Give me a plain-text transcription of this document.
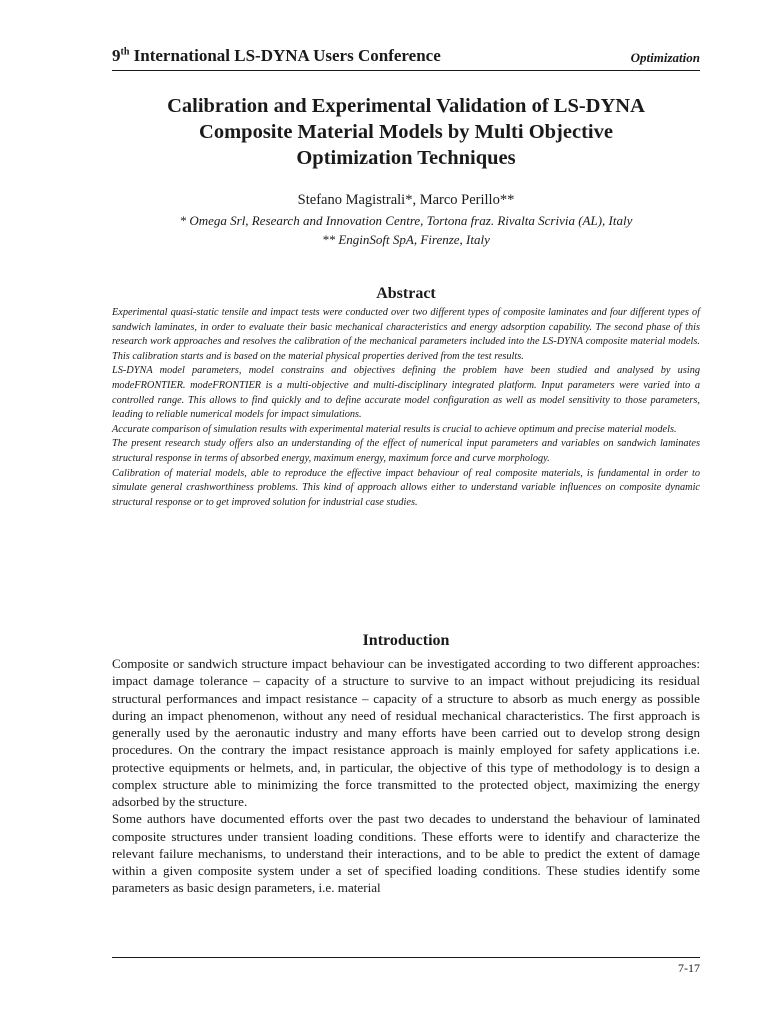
9th International LS-DYNA Users Conference	Optimization
Calibration and Experimental Validation of LS-DYNA
Composite Material Models by Multi Objective
Optimization Techniques
Stefano Magistrali*, Marco Perillo**
* Omega Srl, Research and Innovation Centre, Tortona fraz. Rivalta Scrivia (AL), Italy
** EnginSoft SpA, Firenze, Italy
Abstract

Experimental quasi-static tensile and impact tests were conducted over two different types of composite laminates and four different types of sandwich laminates, in order to evaluate their basic mechanical characteristics and energy adsorption capability. The second phase of this research work approaches and resolves the calibration of the mechanical parameters included into the LS-DYNA composite material models. This calibration starts and is based on the material physical properties derived from the test results.

LS-DYNA model parameters, model constrains and objectives defining the problem have been studied and analysed by using modeFRONTIER. modeFRONTIER is a multi-objective and multi-disciplinary integrated platform. Input parameters were varied into a controlled range. This allows to find quickly and to define accurate model configuration as well as model sensitivity to those parameters, leading to reliable numerical models for impact simulations.

Accurate comparison of simulation results with experimental material results is crucial to achieve optimum and precise material models.

The present research study offers also an understanding of the effect of numerical input parameters and variables on sandwich laminates structural response in terms of absorbed energy, maximum energy, maximum force and curve morphology.

Calibration of material models, able to reproduce the effective impact behaviour of real composite materials, is fundamental in order to simulate general crashworthiness problems. This kind of approach allows either to understand variable influences on composite dynamic structural response or to get improved solution for industrial case studies.

Introduction

Composite or sandwich structure impact behaviour can be investigated according to two different approaches: impact damage tolerance – capacity of a structure to survive to an impact without prejudicing its residual structural performances and impact resistance – capacity of a structure to absorb as much energy as possible during an impact phenomenon, without any need of residual mechanical characteristics. The first approach is generally used by the aeronautic industry and many efforts have been carried out to develop strong design procedures. On the contrary the impact resistance approach is mainly employed for safety applications i.e. protective equipments or helmets, and, in particular, the objective of this type of methodology is to design a complex structure able to minimizing the force transmitted to the protected object, maximizing the energy adsorbed by the structure.

Some authors have documented efforts over the past two decades to understand the behaviour of laminated composite structures under transient loading conditions. These efforts were to identify and characterize the relevant failure mechanisms, to understand their interactions, and to be able to predict the extent of damage within a given composite system under a set of specified loading conditions. These studies identify some parameters as basic design parameters, i.e. material

7-17
